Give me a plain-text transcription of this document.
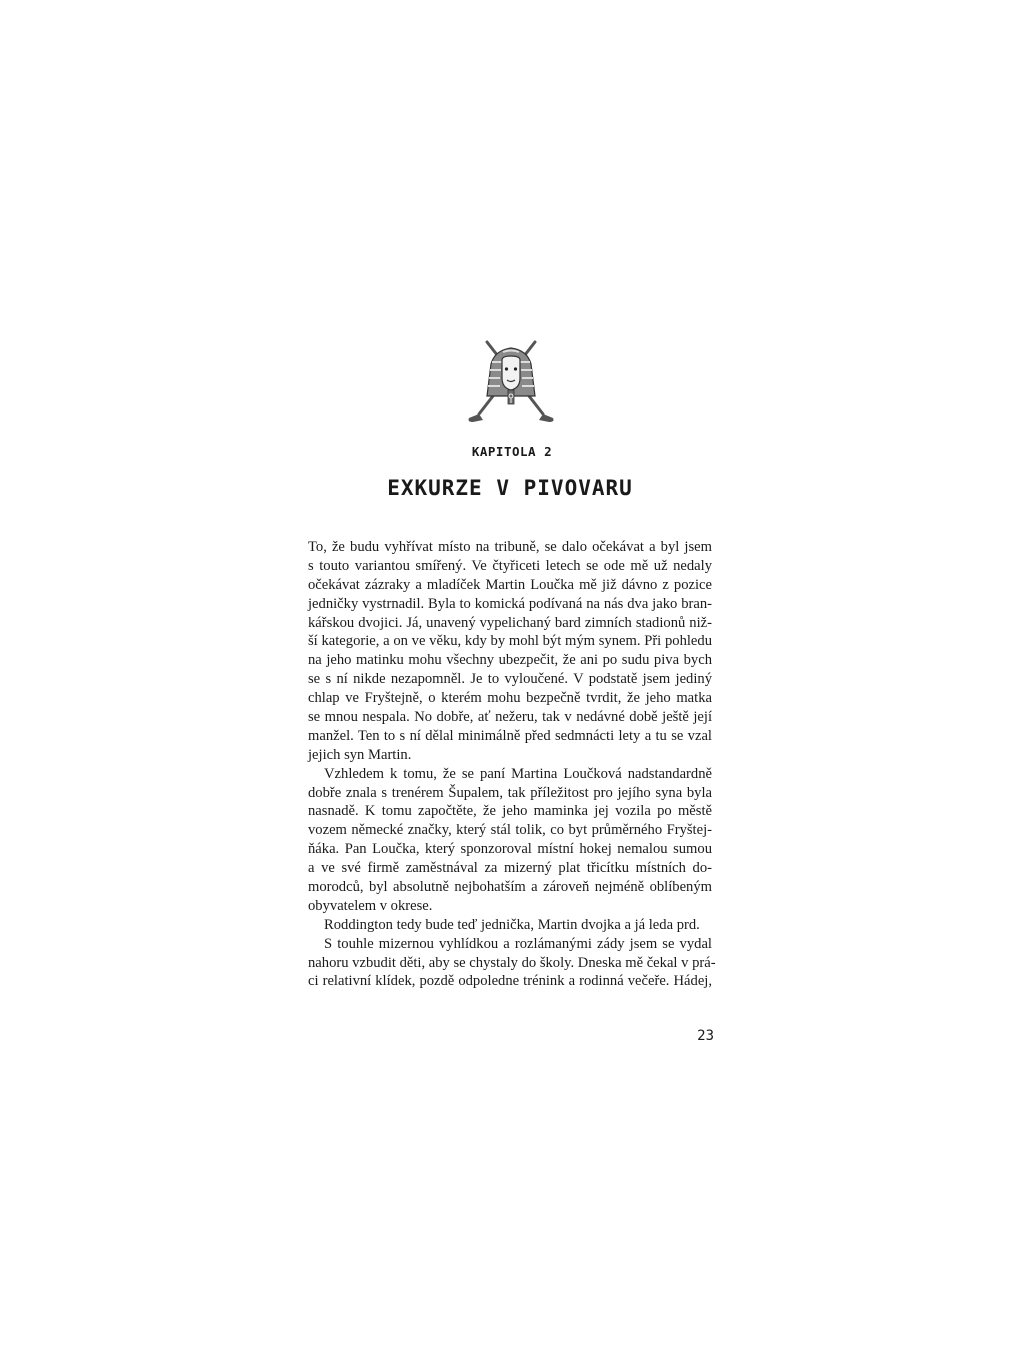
KAPITOLA 2
EXKURZE V PIVOVARU
To, že budu vyhřívat místo na tribuně, se dalo očekávat a byl jsem
s touto variantou smířený. Ve čtyřiceti letech se ode mě už nedaly
očekávat zázraky a mladíček Martin Loučka mě již dávno z pozice
jedničky vystrnadil. Byla to komická podívaná na nás dva jako bran-
kářskou dvojici. Já, unavený vypelichaný bard zimních stadionů niž-
ší kategorie, a on ve věku, kdy by mohl být mým synem. Při pohledu
na jeho matinku mohu všechny ubezpečit, že ani po sudu piva bych
se s ní nikde nezapomněl. Je to vyloučené. V podstatě jsem jediný
chlap ve Fryštejně, o kterém mohu bezpečně tvrdit, že jeho matka
se mnou nespala. No dobře, ať nežeru, tak v nedávné době ještě její
manžel. Ten to s ní dělal minimálně před sedmnácti lety a tu se vzal
jejich syn Martin.
Vzhledem k tomu, že se paní Martina Loučková nadstandardně
dobře znala s trenérem Šupalem, tak příležitost pro jejího syna byla
nasnadě. K tomu započtěte, že jeho maminka jej vozila po městě
vozem německé značky, který stál tolik, co byt průměrného Fryštej-
ňáka. Pan Loučka, který sponzoroval místní hokej nemalou sumou
a ve své firmě zaměstnával za mizerný plat třicítku místních do-
morodců, byl absolutně nejbohatším a zároveň nejméně oblíbeným
obyvatelem v okrese.
Roddington tedy bude teď jednička, Martin dvojka a já leda prd.
S touhle mizernou vyhlídkou a rozlámanými zády jsem se vydal
nahoru vzbudit děti, aby se chystaly do školy. Dneska mě čekal v prá-
ci relativní klídek, pozdě odpoledne trénink a rodinná večeře. Hádej,
23
